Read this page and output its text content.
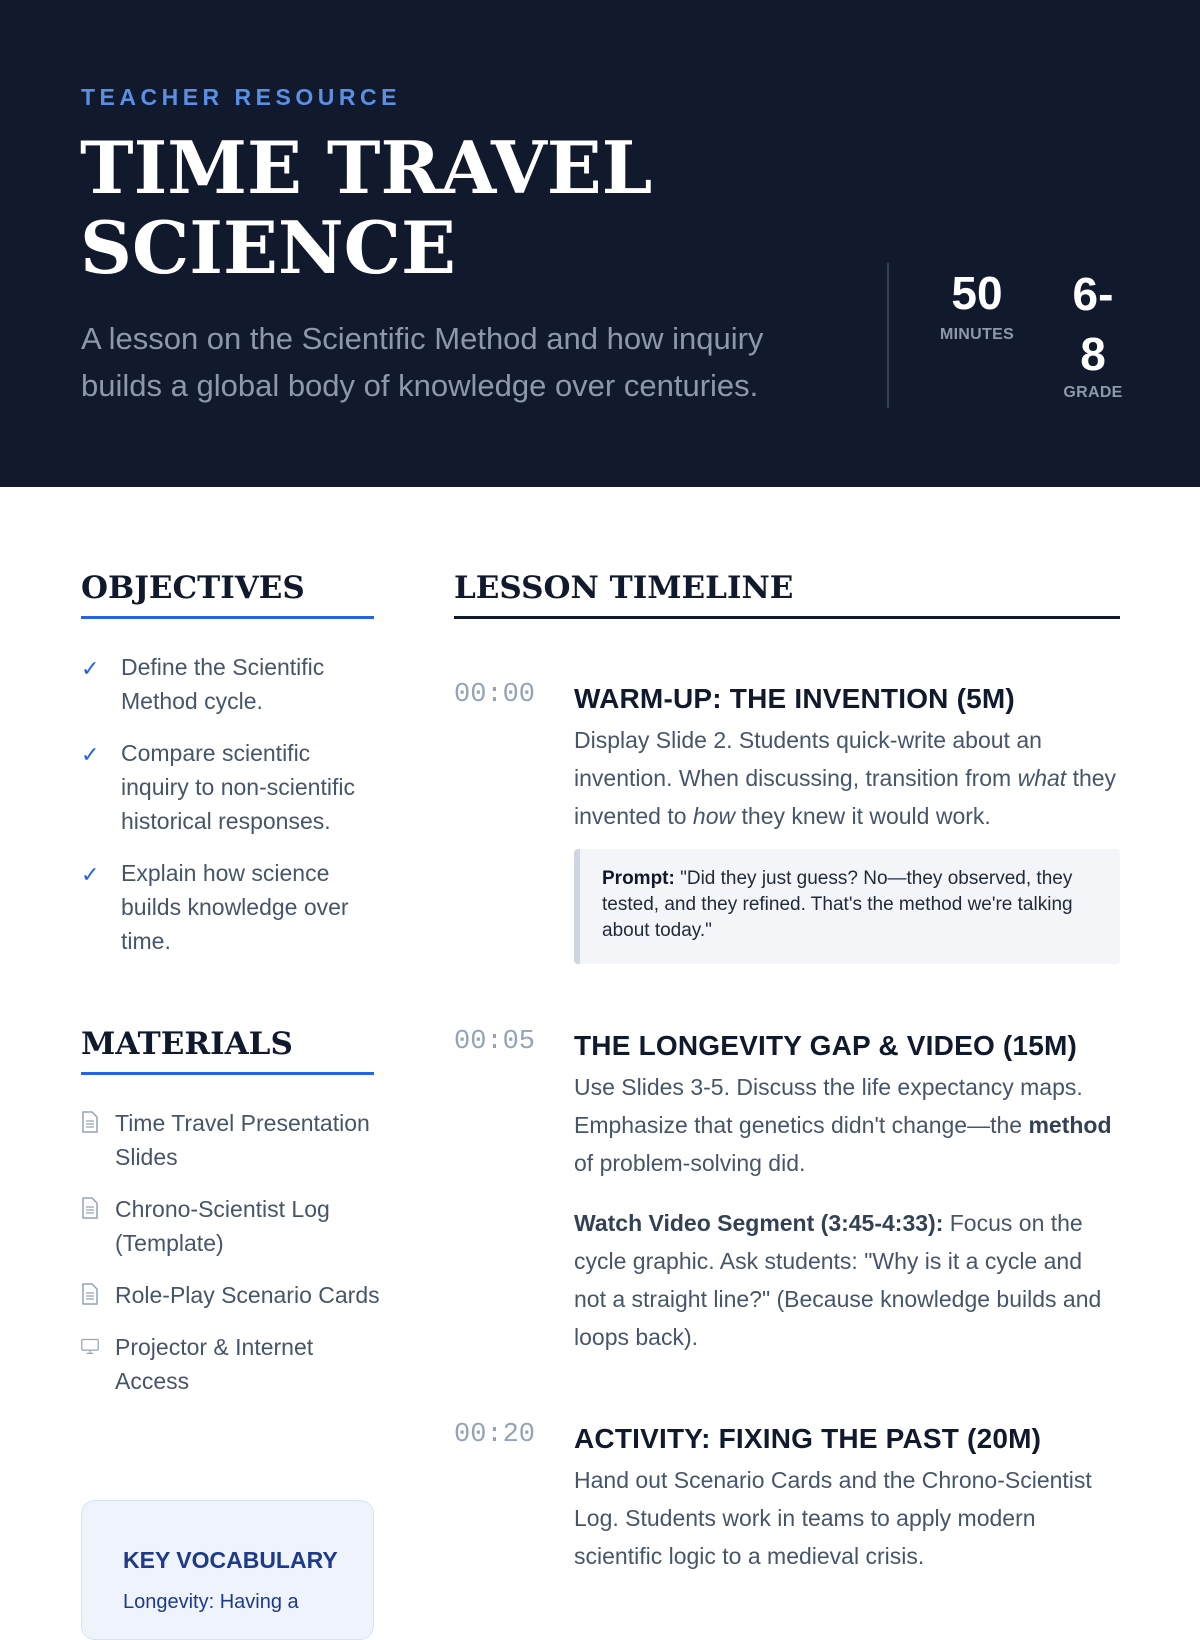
TEACHER RESOURCE
TIME TRAVEL
SCIENCE

A lesson on the Scientific Method and how inquiry builds a global body of knowledge over centuries.

50
MINUTES
6-
8
GRADE
OBJECTIVES
✓ Define the Scientific Method cycle.
✓ Compare scientific inquiry to non-scientific historical responses.
✓ Explain how science builds knowledge over time.
MATERIALS
Time Travel Presentation Slides
Chrono-Scientist Log (Template)
Role-Play Scenario Cards
Projector & Internet Access
KEY VOCABULARY
Longevity: Having a
LESSON TIMELINE
00:00 WARM-UP: THE INVENTION (5M)

Display Slide 2. Students quick-write about an invention. When discussing, transition from what they invented to how they knew it would work.

Prompt: "Did they just guess? No—they observed, they tested, and they refined. That's the method we're talking about today."
00:05 THE LONGEVITY GAP & VIDEO (15M)

Use Slides 3-5. Discuss the life expectancy maps. Emphasize that genetics didn't change—the method of problem-solving did.

Watch Video Segment (3:45-4:33): Focus on the cycle graphic. Ask students: "Why is it a cycle and not a straight line?" (Because knowledge builds and loops back).

00:20 ACTIVITY: FIXING THE PAST (20M)

Hand out Scenario Cards and the Chrono-Scientist Log. Students work in teams to apply modern scientific logic to a medieval crisis.
